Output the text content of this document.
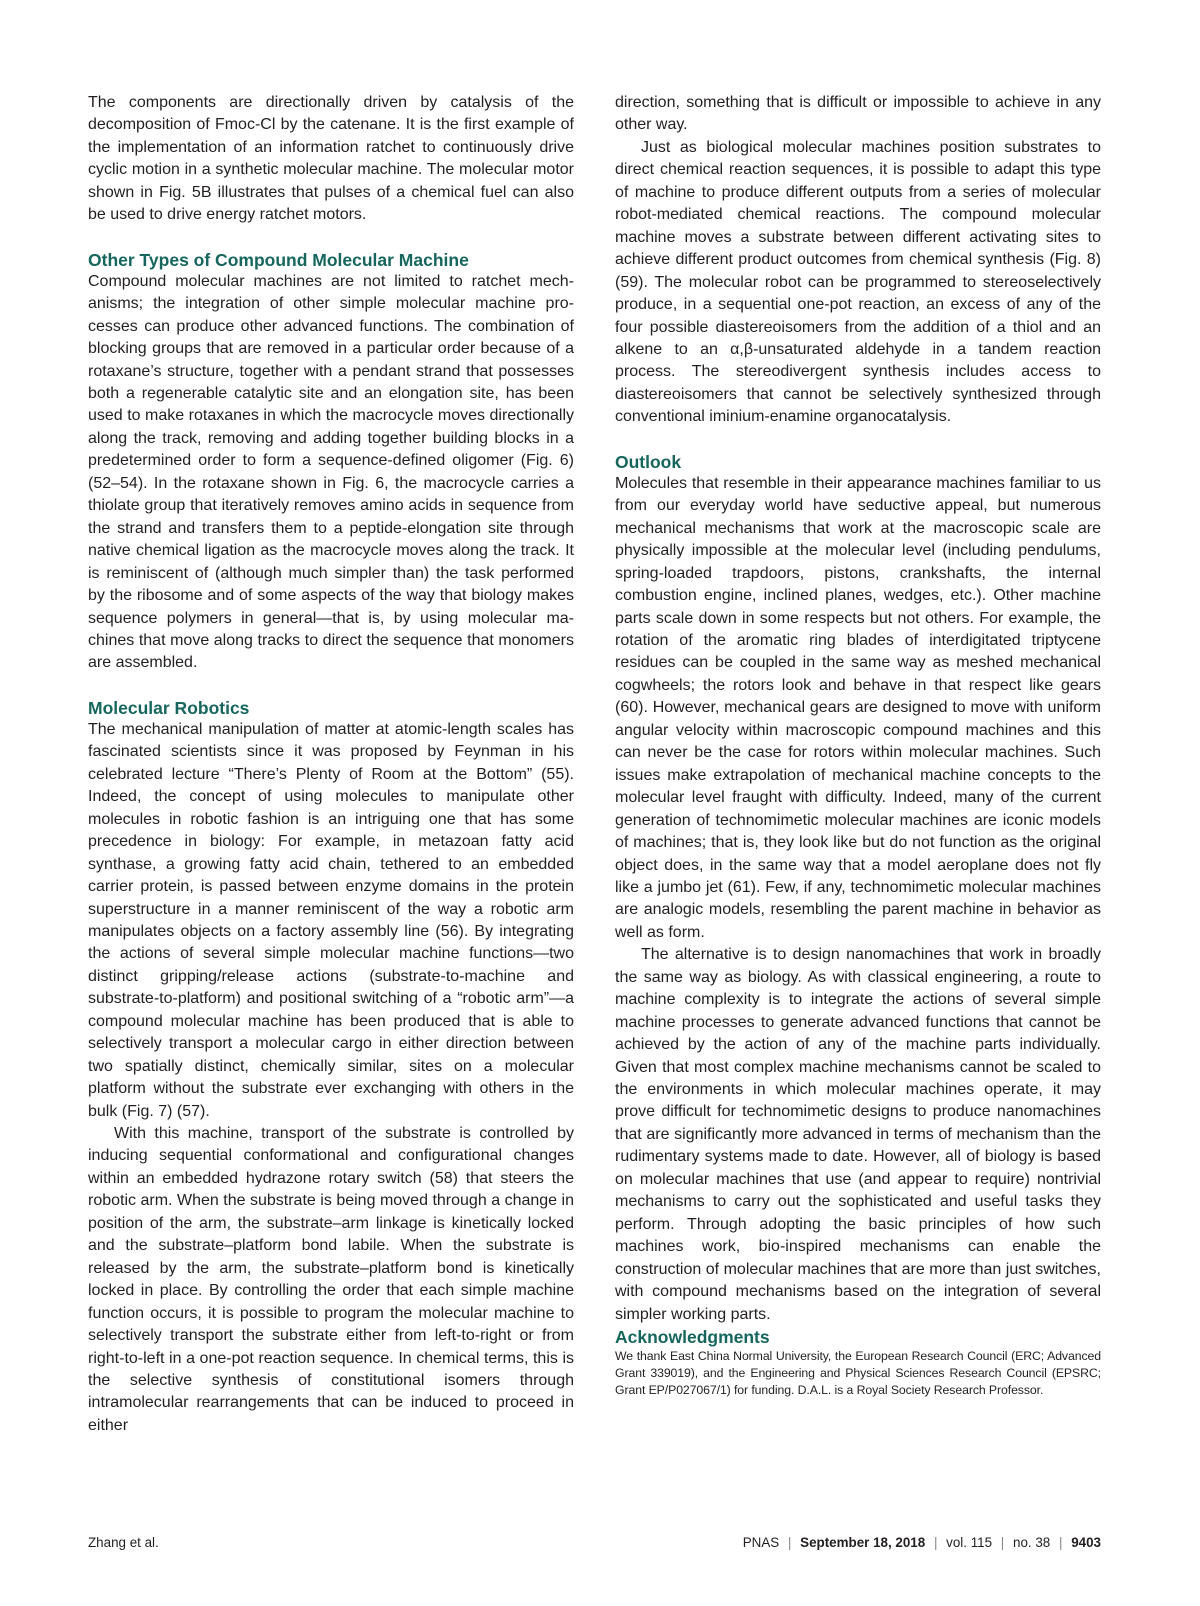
The components are directionally driven by catalysis of the decomposition of Fmoc-Cl by the catenane. It is the first example of the implementation of an information ratchet to continuously drive cyclic motion in a synthetic molecular machine. The molecular motor shown in Fig. 5B illustrates that pulses of a chemical fuel can also be used to drive energy ratchet motors.

Other Types of Compound Molecular Machine

Compound molecular machines are not limited to ratchet mechanisms; the integration of other simple molecular machine processes can produce other advanced functions. The combination of blocking groups that are removed in a particular order because of a rotaxane’s structure, together with a pendant strand that possesses both a regenerable catalytic site and an elongation site, has been used to make rotaxanes in which the macrocycle moves directionally along the track, removing and adding together building blocks in a predetermined order to form a sequence-defined oligomer (Fig. 6) (52–54). In the rotaxane shown in Fig. 6, the macrocycle carries a thiolate group that iteratively removes amino acids in sequence from the strand and transfers them to a peptide-elongation site through native chemical ligation as the macrocycle moves along the track. It is reminiscent of (although much simpler than) the task performed by the ribosome and of some aspects of the way that biology makes sequence polymers in general—that is, by using molecular machines that move along tracks to direct the sequence that monomers are assembled.

Molecular Robotics

The mechanical manipulation of matter at atomic-length scales has fascinated scientists since it was proposed by Feynman in his celebrated lecture “There’s Plenty of Room at the Bottom” (55). Indeed, the concept of using molecules to manipulate other molecules in robotic fashion is an intriguing one that has some precedence in biology: For example, in metazoan fatty acid synthase, a growing fatty acid chain, tethered to an embedded carrier protein, is passed between enzyme domains in the protein superstructure in a manner reminiscent of the way a robotic arm manipulates objects on a factory assembly line (56). By integrating the actions of several simple molecular machine functions—two distinct gripping/release actions (substrate-to-machine and substrate-to-platform) and positional switching of a “robotic arm”—a compound molecular machine has been produced that is able to selectively transport a molecular cargo in either direction between two spatially distinct, chemically similar, sites on a molecular platform without the substrate ever exchanging with others in the bulk (Fig. 7) (57).

With this machine, transport of the substrate is controlled by inducing sequential conformational and configurational changes within an embedded hydrazone rotary switch (58) that steers the robotic arm. When the substrate is being moved through a change in position of the arm, the substrate–arm linkage is kinetically locked and the substrate–platform bond labile. When the substrate is released by the arm, the substrate–platform bond is kinetically locked in place. By controlling the order that each simple machine function occurs, it is possible to program the molecular machine to selectively transport the substrate either from left-to-right or from right-to-left in a one-pot reaction sequence. In chemical terms, this is the selective synthesis of constitutional isomers through intramolecular rearrangements that can be induced to proceed in either

direction, something that is difficult or impossible to achieve in any other way.

Just as biological molecular machines position substrates to direct chemical reaction sequences, it is possible to adapt this type of machine to produce different outputs from a series of molecular robot-mediated chemical reactions. The compound molecular machine moves a substrate between different activating sites to achieve different product outcomes from chemical synthesis (Fig. 8) (59). The molecular robot can be programmed to stereoselectively produce, in a sequential one-pot reaction, an excess of any of the four possible diastereoisomers from the addition of a thiol and an alkene to an α,β-unsaturated aldehyde in a tandem reaction process. The stereodivergent synthesis includes access to diastereoisomers that cannot be selectively synthesized through conventional iminium-enamine organocatalysis.

Outlook

Molecules that resemble in their appearance machines familiar to us from our everyday world have seductive appeal, but numerous mechanical mechanisms that work at the macroscopic scale are physically impossible at the molecular level (including pendulums, spring-loaded trapdoors, pistons, crankshafts, the internal combustion engine, inclined planes, wedges, etc.). Other machine parts scale down in some respects but not others. For example, the rotation of the aromatic ring blades of interdigitated triptycene residues can be coupled in the same way as meshed mechanical cogwheels; the rotors look and behave in that respect like gears (60). However, mechanical gears are designed to move with uniform angular velocity within macroscopic compound machines and this can never be the case for rotors within molecular machines. Such issues make extrapolation of mechanical machine concepts to the molecular level fraught with difficulty. Indeed, many of the current generation of technomimetic molecular machines are iconic models of machines; that is, they look like but do not function as the original object does, in the same way that a model aeroplane does not fly like a jumbo jet (61). Few, if any, technomimetic molecular machines are analogic models, resembling the parent machine in behavior as well as form.

The alternative is to design nanomachines that work in broadly the same way as biology. As with classical engineering, a route to machine complexity is to integrate the actions of several simple machine processes to generate advanced functions that cannot be achieved by the action of any of the machine parts individually. Given that most complex machine mechanisms cannot be scaled to the environments in which molecular machines operate, it may prove difficult for technomimetic designs to produce nanomachines that are significantly more advanced in terms of mechanism than the rudimentary systems made to date. However, all of biology is based on molecular machines that use (and appear to require) nontrivial mechanisms to carry out the sophisticated and useful tasks they perform. Through adopting the basic principles of how such machines work, bio-inspired mechanisms can enable the construction of molecular machines that are more than just switches, with compound mechanisms based on the integration of several simpler working parts.

Acknowledgments

We thank East China Normal University, the European Research Council (ERC; Advanced Grant 339019), and the Engineering and Physical Sciences Research Council (EPSRC; Grant EP/P027067/1) for funding. D.A.L. is a Royal Society Research Professor.

Zhang et al.	PNAS | September 18, 2018 | vol. 115 | no. 38 | 9403
